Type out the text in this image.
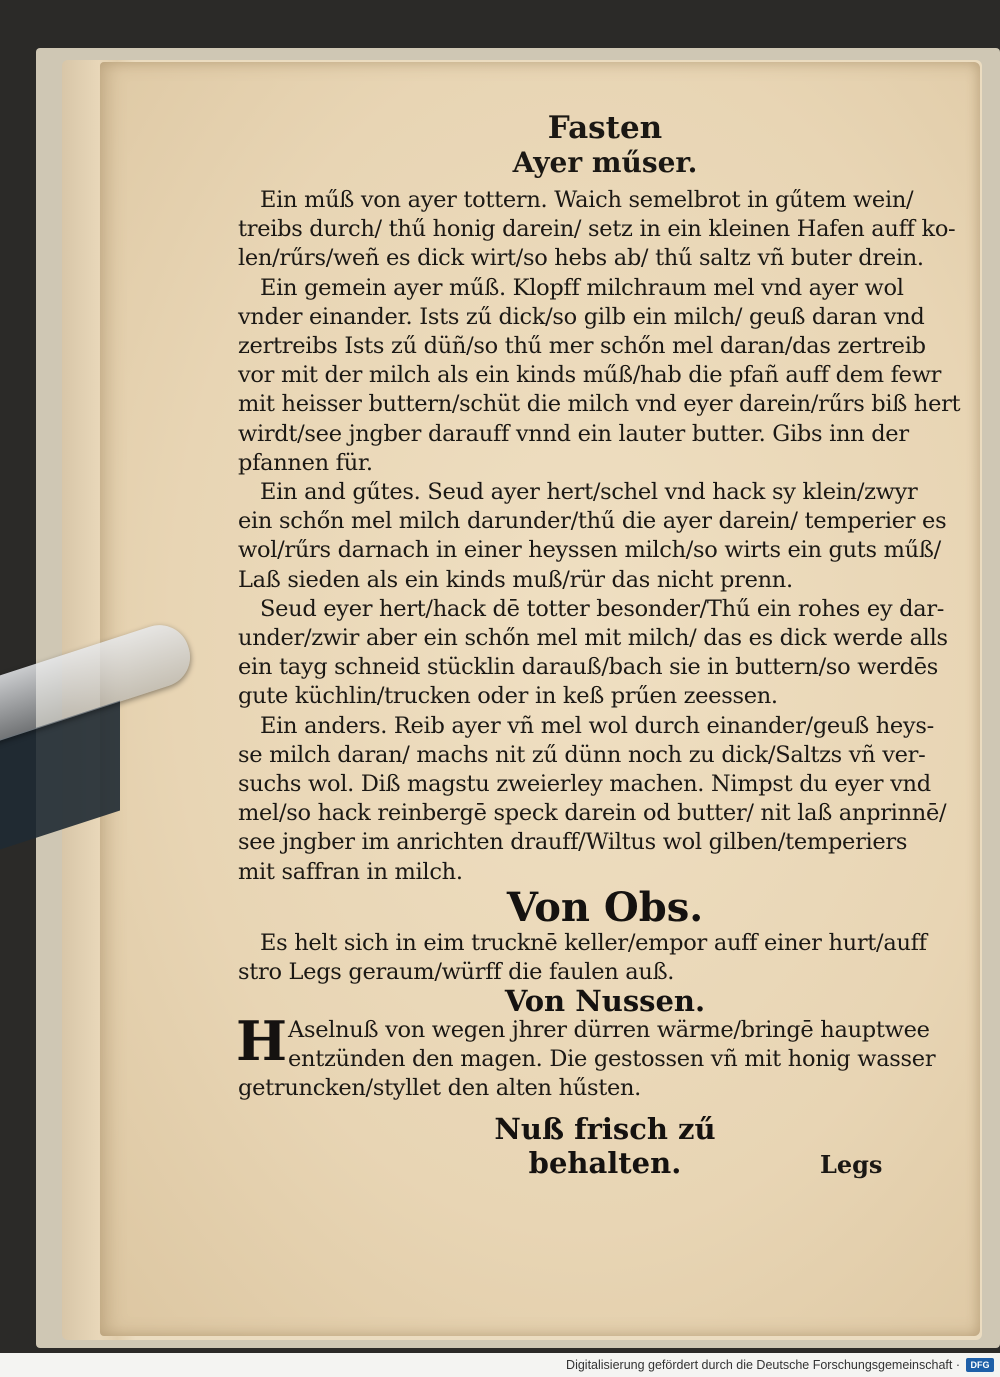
Fasten
Ayer műser.
Ein műß von ayer tottern. Waich semelbrot in gűtem wein/
treibs durch/ thű honig darein/ setz in ein kleinen Hafen auff ko-
len/rűrs/weñ es dick wirt/so hebs ab/ thű saltz vñ buter drein.
Ein gemein ayer műß. Klopff milchraum mel vnd ayer wol
vnder einander. Ists zű dick/so gilb ein milch/ geuß daran vnd
zertreibs Ists zű düñ/so thű mer schőn mel daran/das zertreib
vor mit der milch als ein kinds műß/hab die pfañ auff dem fewr
mit heisser buttern/schüt die milch vnd eyer darein/rűrs biß hert
wirdt/see jngber darauff vnnd ein lauter butter. Gibs inn der
pfannen für.
Ein and gűtes. Seud ayer hert/schel vnd hack sy klein/zwyr
ein schőn mel milch darunder/thű die ayer darein/ temperier es
wol/rűrs darnach in einer heyssen milch/so wirts ein guts műß/
Laß sieden als ein kinds muß/rür das nicht prenn.
Seud eyer hert/hack dē totter besonder/Thű ein rohes ey dar-
under/zwir aber ein schőn mel mit milch/ das es dick werde alls
ein tayg schneid stücklin darauß/bach sie in buttern/so werdēs
gute küchlin/trucken oder in keß prűen zeessen.
Ein anders. Reib ayer vñ mel wol durch einander/geuß heys-
se milch daran/ machs nit zű dünn noch zu dick/Saltzs vñ ver-
suchs wol. Diß magstu zweierley machen. Nimpst du eyer vnd
mel/so hack reinbergē speck darein od butter/ nit laß anprinnē/
see jngber im anrichten drauff/Wiltus wol gilben/temperiers
mit saffran in milch.
Von Obs.
Es helt sich in eim trucknē keller/empor auff einer hurt/auff
stro Legs geraum/würff die faulen auß.
Von Nussen.
H Aselnuß von wegen jhrer dürren wärme/bringē hauptwee
entzünden den magen. Die gestossen vñ mit honig wasser
getruncken/styllet den alten hűsten.
Nuß frisch zű behalten.	Legs
Digitalisierung gefördert durch die Deutsche Forschungsgemeinschaft ·	DFG
